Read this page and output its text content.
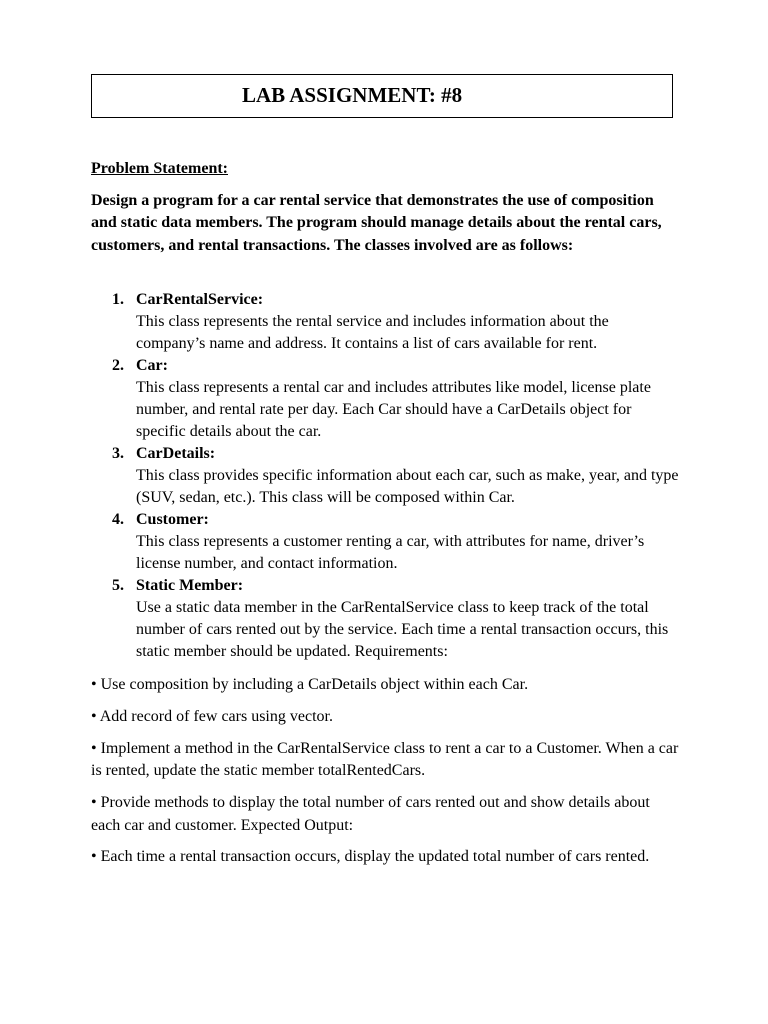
LAB ASSIGNMENT: #8
Problem Statement:

Design a program for a car rental service that demonstrates the use of composition and static data members. The program should manage details about the rental cars, customers, and rental transactions. The classes involved are as follows:

1. CarRentalService:
This class represents the rental service and includes information about the company’s name and address. It contains a list of cars available for rent.
2. Car:
This class represents a rental car and includes attributes like model, license plate number, and rental rate per day. Each Car should have a CarDetails object for specific details about the car.
3. CarDetails:
This class provides specific information about each car, such as make, year, and type (SUV, sedan, etc.). This class will be composed within Car.
4. Customer:
This class represents a customer renting a car, with attributes for name, driver’s license number, and contact information.
5. Static Member:
Use a static data member in the CarRentalService class to keep track of the total number of cars rented out by the service. Each time a rental transaction occurs, this static member should be updated. Requirements:

• Use composition by including a CarDetails object within each Car.

• Add record of few cars using vector.

• Implement a method in the CarRentalService class to rent a car to a Customer. When a car is rented, update the static member totalRentedCars.

• Provide methods to display the total number of cars rented out and show details about each car and customer. Expected Output:

• Each time a rental transaction occurs, display the updated total number of cars rented.
